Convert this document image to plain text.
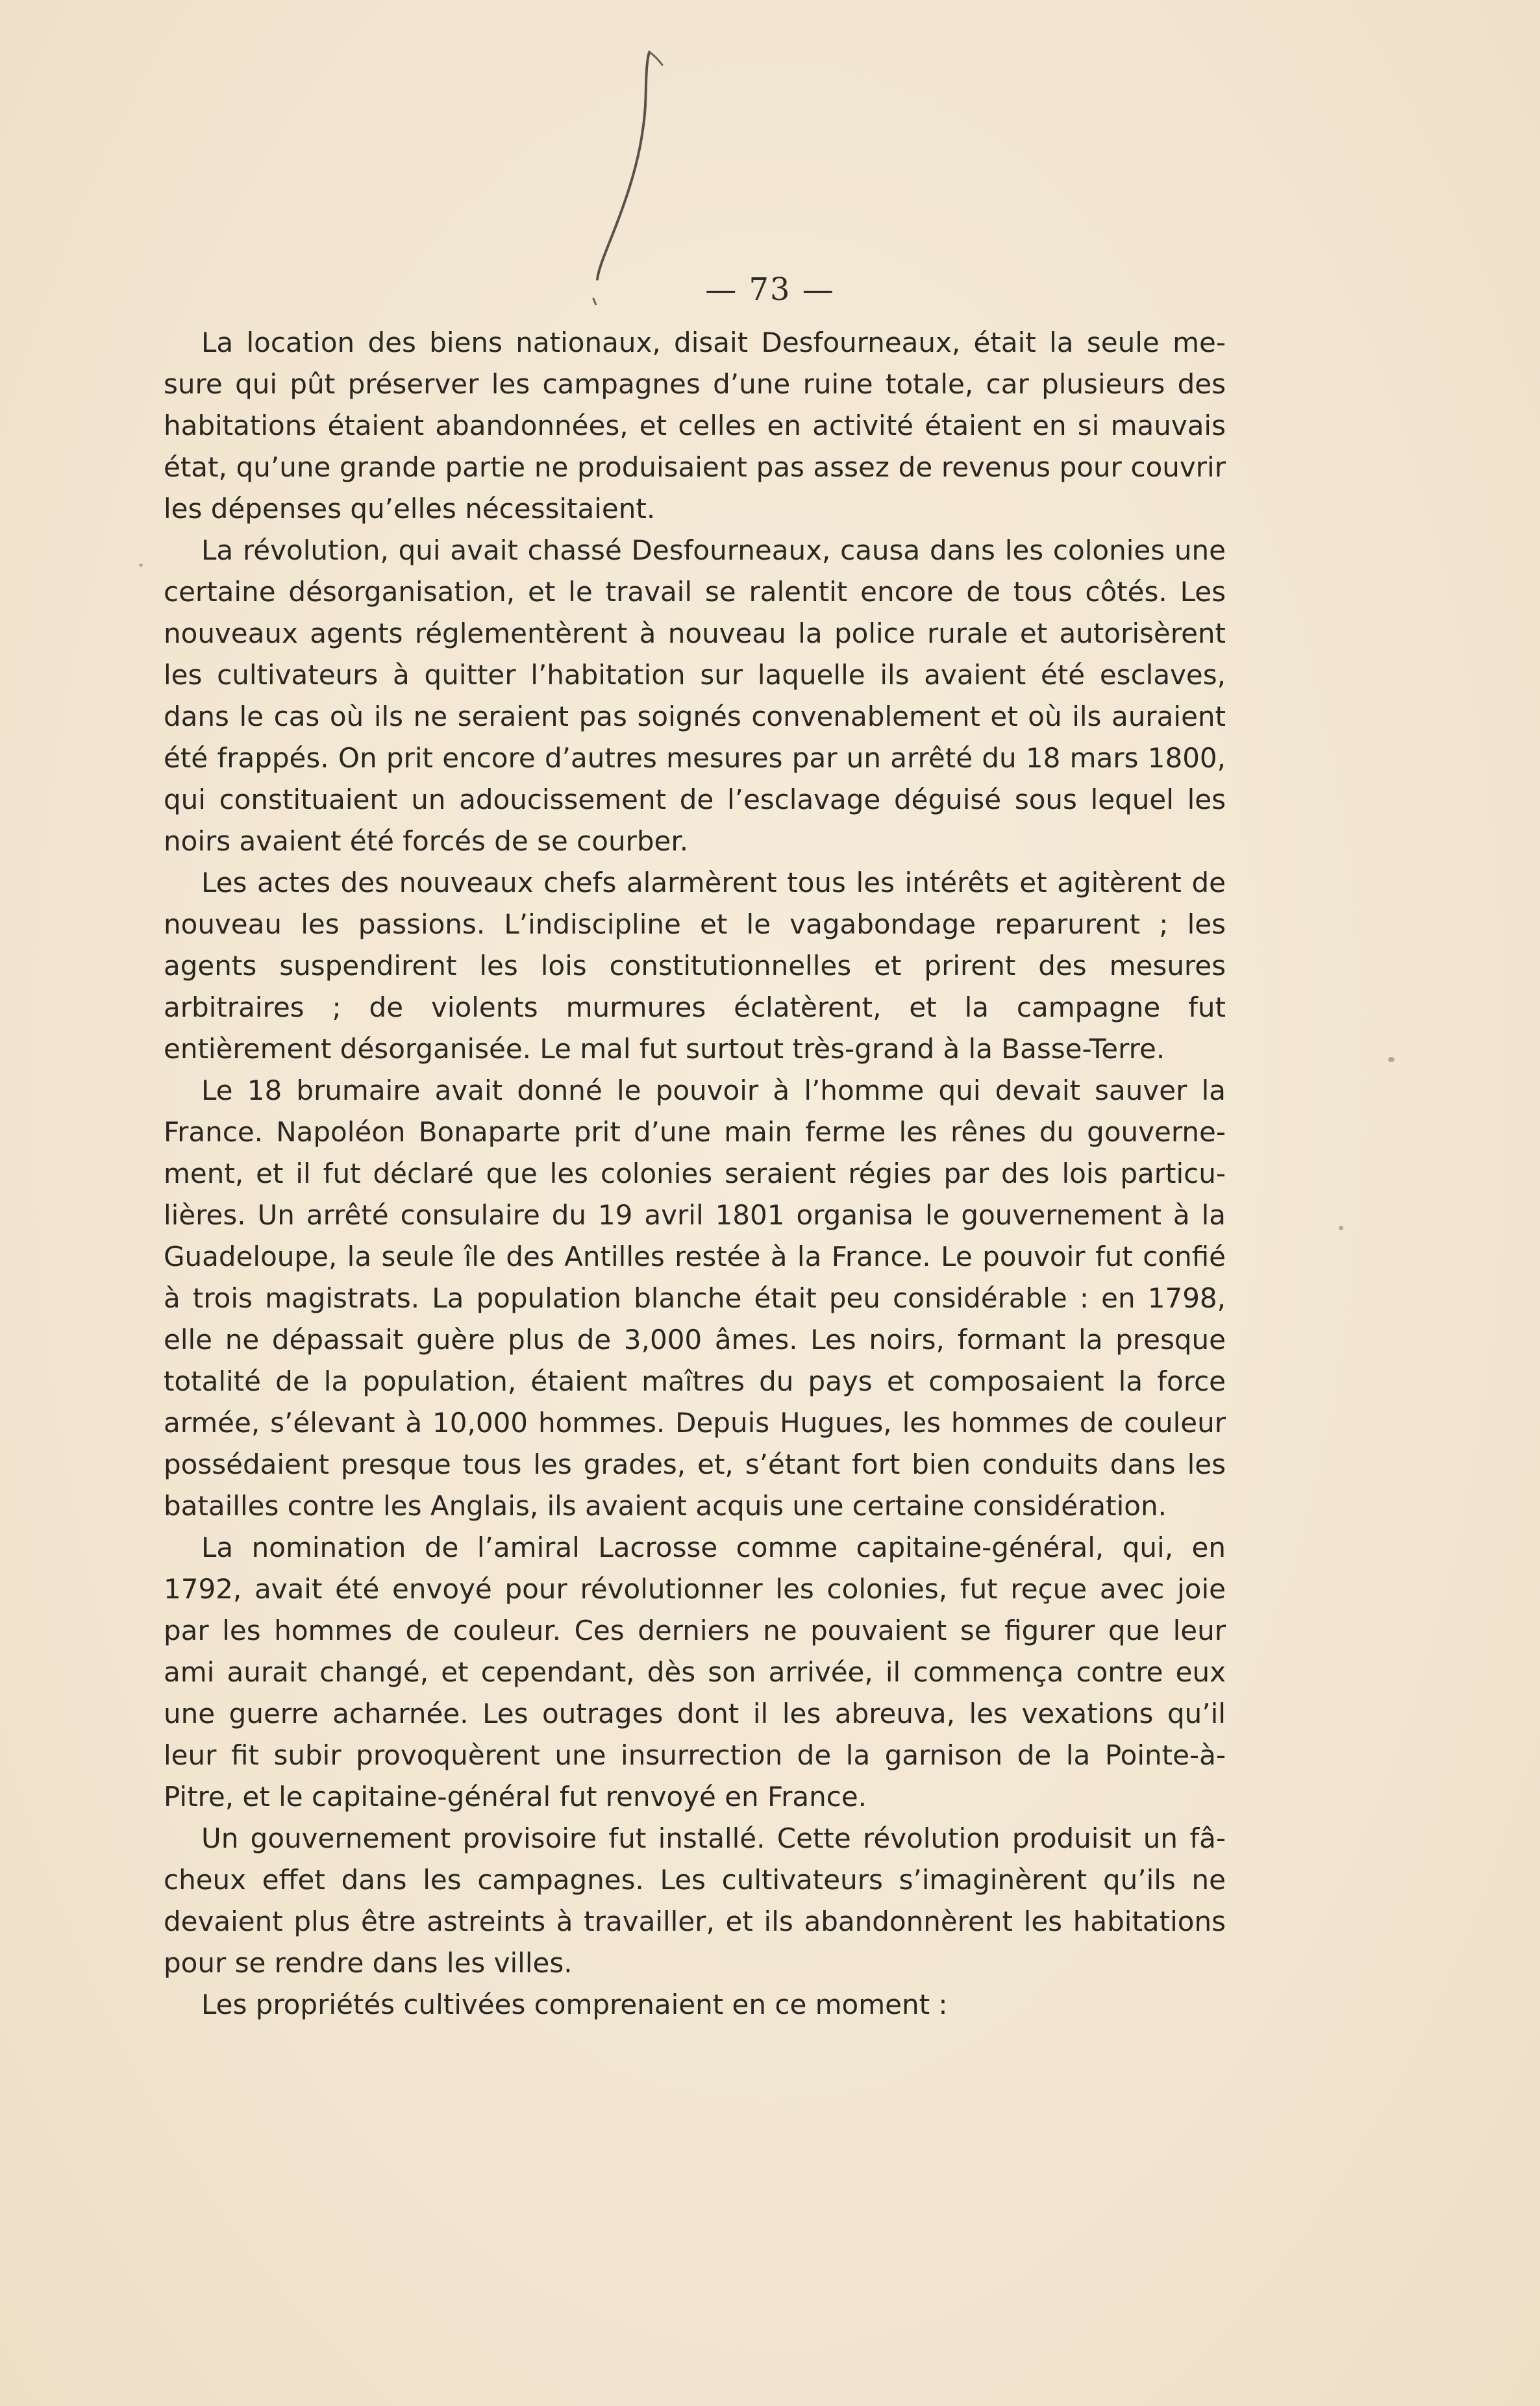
— 73 —

La location des biens nationaux, disait Desfourneaux, était la seule mesure qui pût préserver les campagnes d’une ruine totale, car plusieurs des habitations étaient abandonnées, et celles en activité étaient en si mauvais état, qu’une grande partie ne produisaient pas assez de revenus pour couvrir les dépenses qu’elles nécessitaient.

La révolution, qui avait chassé Desfourneaux, causa dans les colonies une certaine désorganisation, et le travail se ralentit encore de tous côtés. Les nouveaux agents réglementèrent à nouveau la police rurale et autorisèrent les cultivateurs à quitter l’habitation sur laquelle ils avaient été esclaves, dans le cas où ils ne seraient pas soignés convenablement et où ils auraient été frappés. On prit encore d’autres mesures par un arrêté du 18 mars 1800, qui constituaient un adoucissement de l’esclavage déguisé sous lequel les noirs avaient été forcés de se courber.

Les actes des nouveaux chefs alarmèrent tous les intérêts et agitèrent de nouveau les passions. L’indiscipline et le vagabondage reparurent ; les agents suspendirent les lois constitutionnelles et prirent des mesures arbitraires ; de violents murmures éclatèrent, et la campagne fut entièrement désorganisée. Le mal fut surtout très-grand à la Basse-Terre.

Le 18 brumaire avait donné le pouvoir à l’homme qui devait sauver la France. Napoléon Bonaparte prit d’une main ferme les rênes du gouvernement, et il fut déclaré que les colonies seraient régies par des lois particulières. Un arrêté consulaire du 19 avril 1801 organisa le gouvernement à la Guadeloupe, la seule île des Antilles restée à la France. Le pouvoir fut confié à trois magistrats. La population blanche était peu considérable : en 1798, elle ne dépassait guère plus de 3,000 âmes. Les noirs, formant la presque totalité de la population, étaient maîtres du pays et composaient la force armée, s’élevant à 10,000 hommes. Depuis Hugues, les hommes de couleur possédaient presque tous les grades, et, s’étant fort bien conduits dans les batailles contre les Anglais, ils avaient acquis une certaine considération.

La nomination de l’amiral Lacrosse comme capitaine-général, qui, en 1792, avait été envoyé pour révolutionner les colonies, fut reçue avec joie par les hommes de couleur. Ces derniers ne pouvaient se figurer que leur ami aurait changé, et cependant, dès son arrivée, il commença contre eux une guerre acharnée. Les outrages dont il les abreuva, les vexations qu’il leur fit subir provoquèrent une insurrection de la garnison de la Pointe-à-Pitre, et le capitaine-général fut renvoyé en France.

Un gouvernement provisoire fut installé. Cette révolution produisit un fâcheux effet dans les campagnes. Les cultivateurs s’imaginèrent qu’ils ne devaient plus être astreints à travailler, et ils abandonnèrent les habitations pour se rendre dans les villes.

Les propriétés cultivées comprenaient en ce moment :
